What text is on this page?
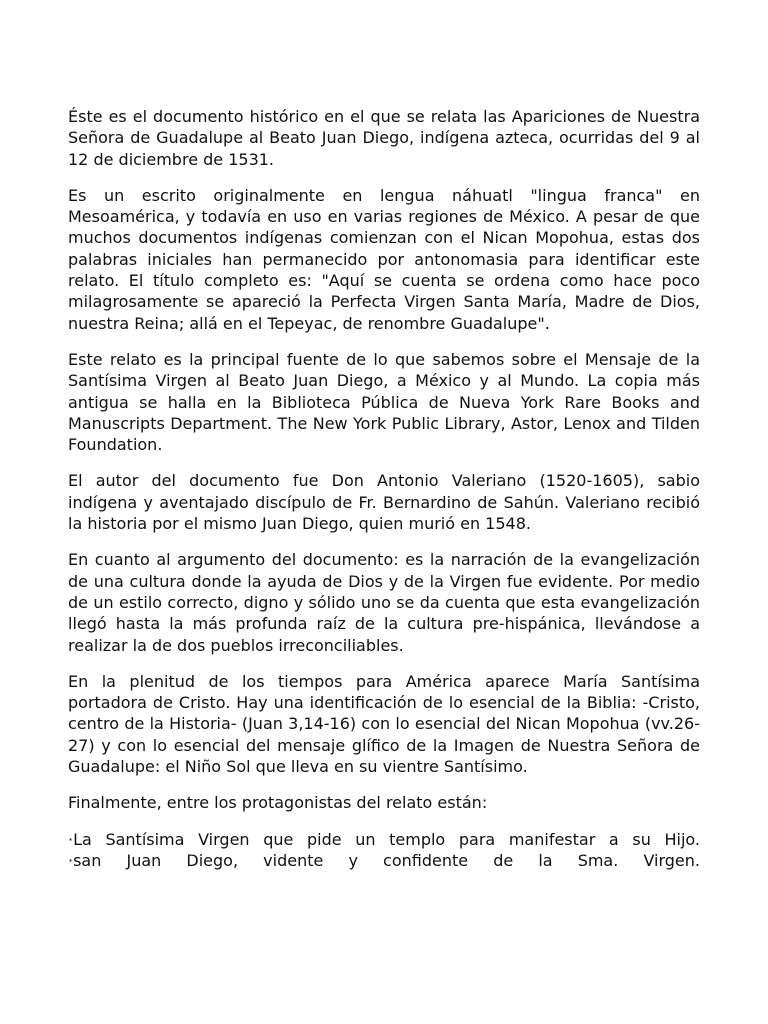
Éste es el documento histórico en el que se relata las Apariciones de Nuestra Señora de Guadalupe al Beato Juan Diego, indígena azteca, ocurridas del 9 al 12 de diciembre de 1531.

Es un escrito originalmente en lengua náhuatl "lingua franca" en Mesoamérica, y todavía en uso en varias regiones de México. A pesar de que muchos documentos indígenas comienzan con el Nican Mopohua, estas dos palabras iniciales han permanecido por antonomasia para identificar este relato. El título completo es: "Aquí se cuenta se ordena como hace poco milagrosamente se apareció la Perfecta Virgen Santa María, Madre de Dios, nuestra Reina; allá en el Tepeyac, de renombre Guadalupe".

Este relato es la principal fuente de lo que sabemos sobre el Mensaje de la Santísima Virgen al Beato Juan Diego, a México y al Mundo. La copia más antigua se halla en la Biblioteca Pública de Nueva York Rare Books and Manuscripts Department. The New York Public Library, Astor, Lenox and Tilden Foundation.

El autor del documento fue Don Antonio Valeriano (1520-1605), sabio indígena y aventajado discípulo de Fr. Bernardino de Sahún. Valeriano recibió la historia por el mismo Juan Diego, quien murió en 1548.

En cuanto al argumento del documento: es la narración de la evangelización de una cultura donde la ayuda de Dios y de la Virgen fue evidente. Por medio de un estilo correcto, digno y sólido uno se da cuenta que esta evangelización llegó hasta la más profunda raíz de la cultura pre-hispánica, llevándose a realizar la de dos pueblos irreconciliables.

En la plenitud de los tiempos para América aparece María Santísima portadora de Cristo. Hay una identificación de lo esencial de la Biblia: -Cristo, centro de la Historia- (Juan 3,14-16) con lo esencial del Nican Mopohua (vv.26-27) y con lo esencial del mensaje glífico de la Imagen de Nuestra Señora de Guadalupe: el Niño Sol que lleva en su vientre Santísimo.

Finalmente, entre los protagonistas del relato están:

·La Santísima Virgen que pide un templo para manifestar a su Hijo.
·san Juan Diego, vidente y confidente de la Sma. Virgen.
